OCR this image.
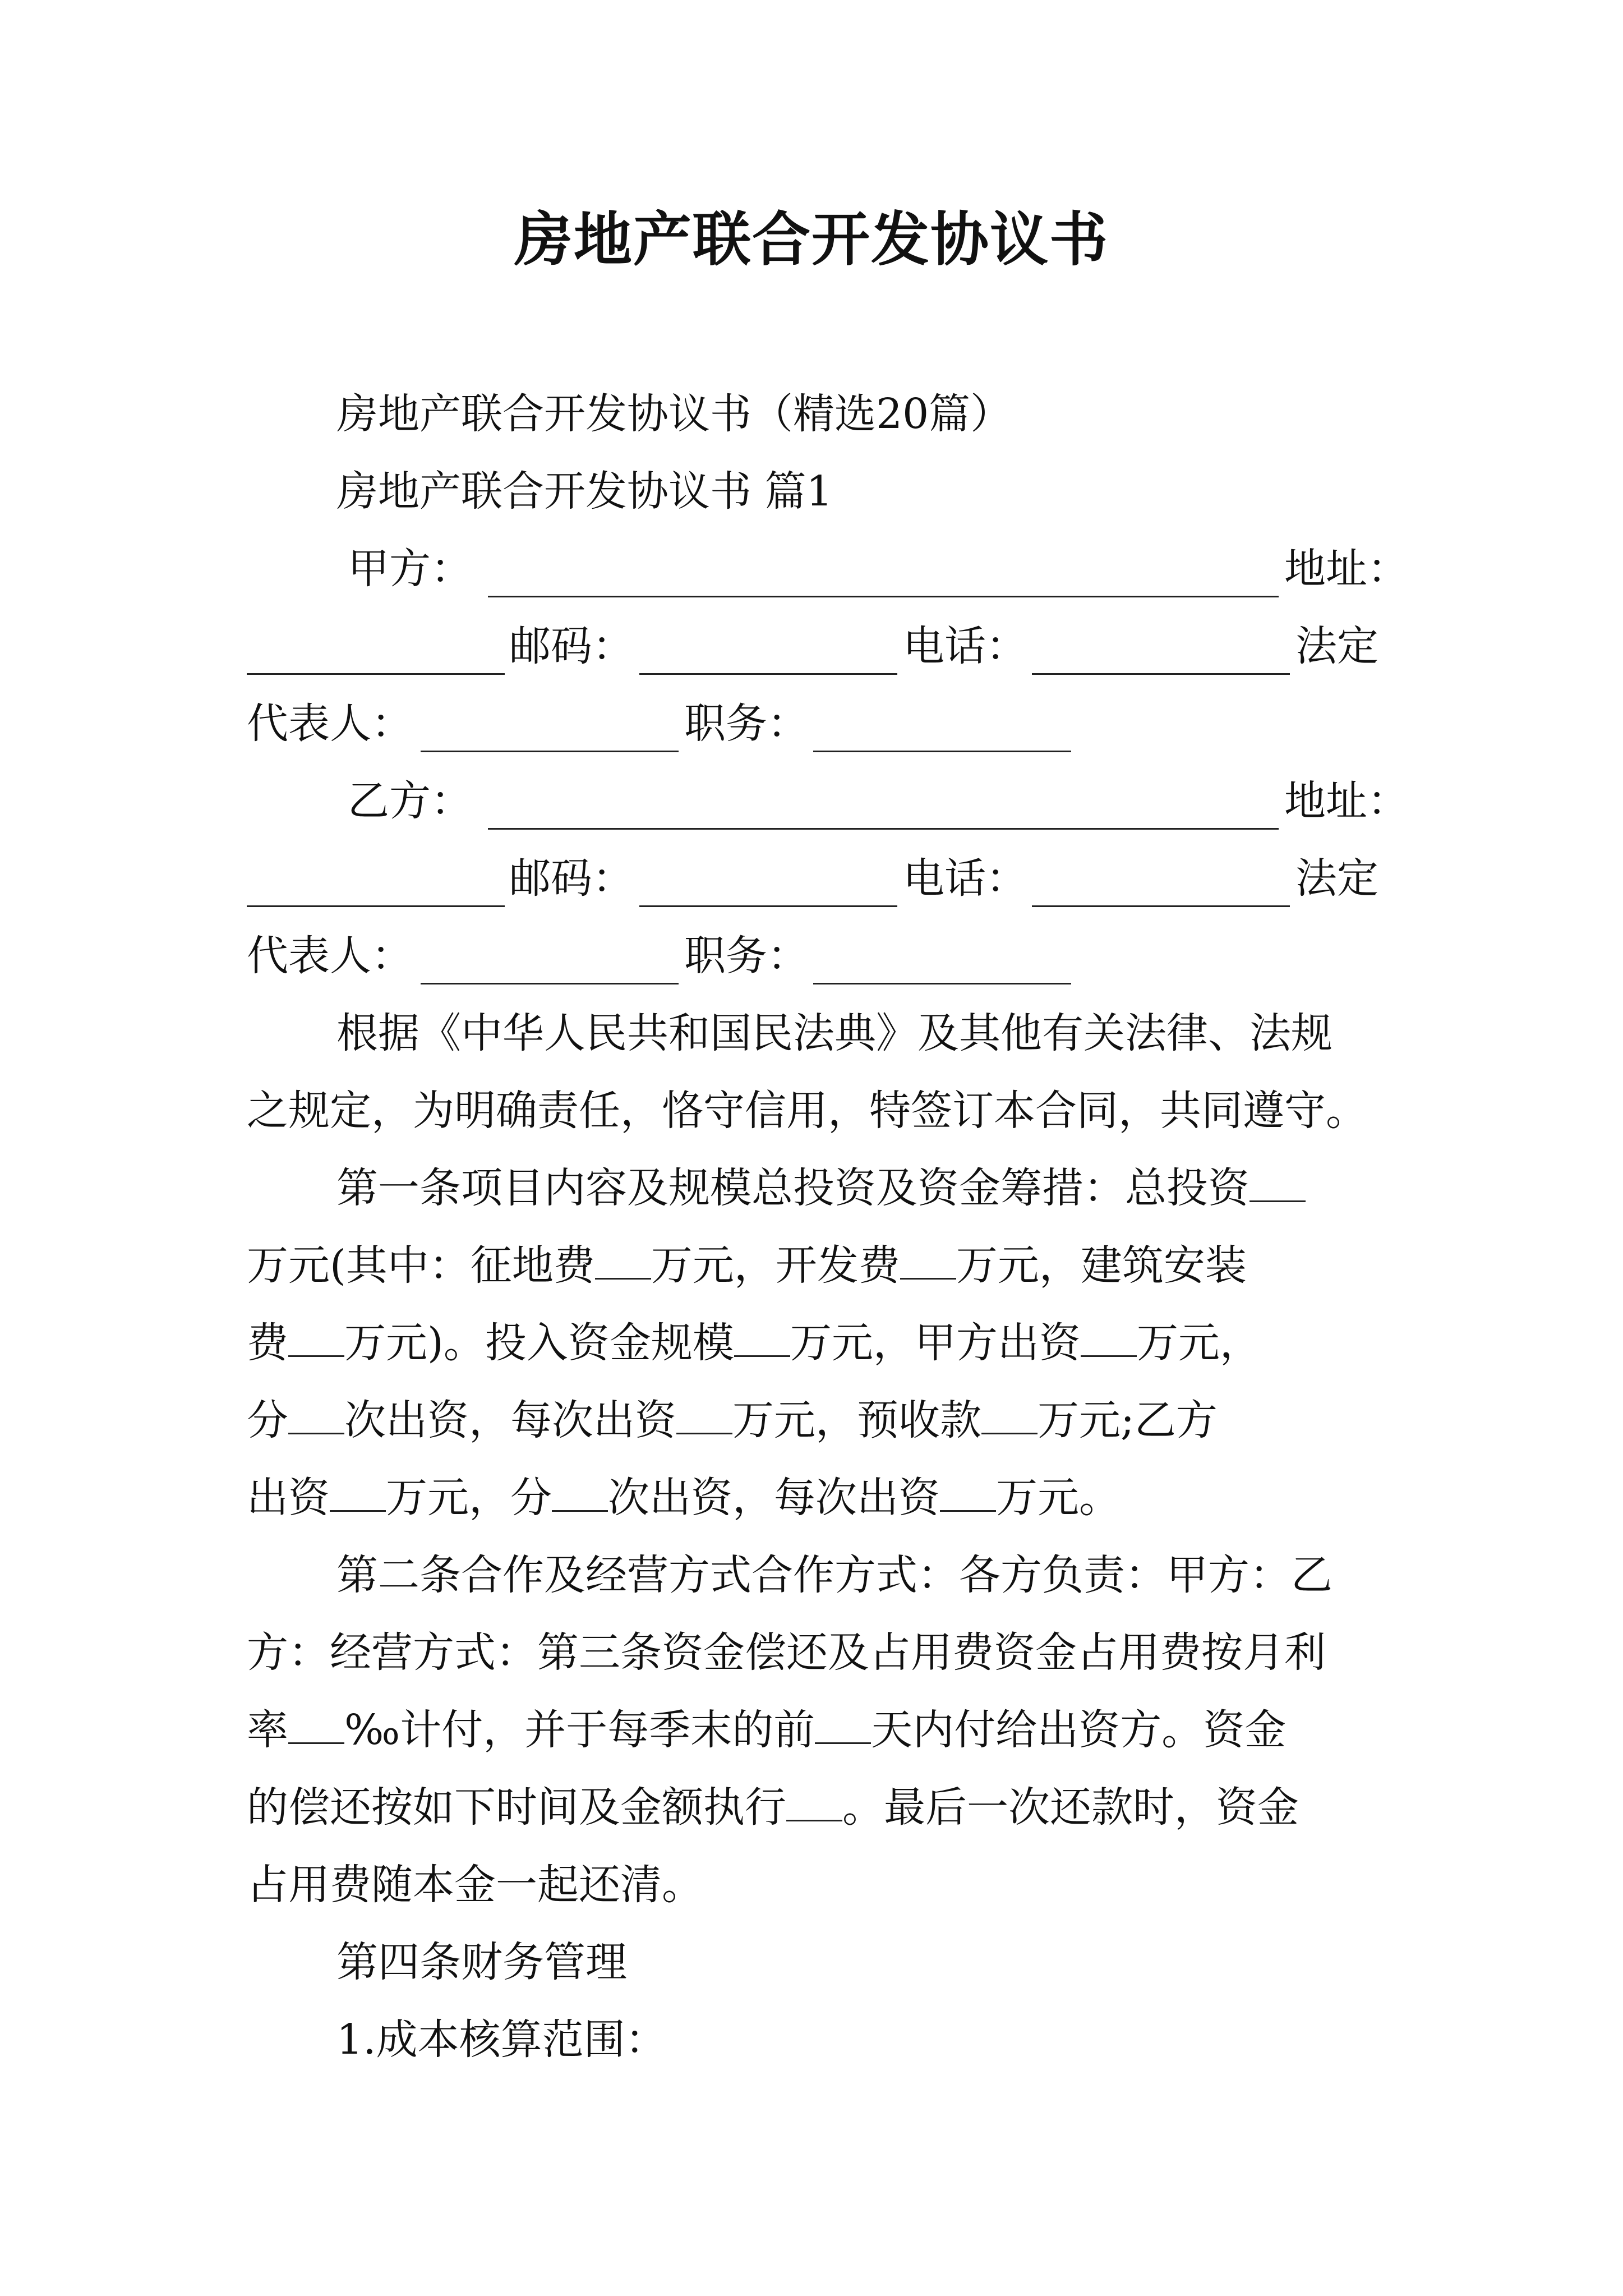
房地产联合开发协议书

房地产联合开发协议书（精选20篇）

房地产联合开发协议书 篇1

甲方：	地址：

邮码：	电话：	法定

代表人：	职务：

乙方：	地址：

邮码：	电话：	法定

代表人：	职务：

根据《中华人民共和国民法典》及其他有关法律、法规

之规定，为明确责任，恪守信用，特签订本合同，共同遵守。

第一条项目内容及规模总投资及资金筹措：总投资

万元(其中：征地费 万元，开发费 万元，建筑安装

费 万元)。投入资金规模 万元，甲方出资 万元，

分 次出资，每次出资 万元，预收款 万元;乙方

出资 万元，分 次出资，每次出资 万元。

第二条合作及经营方式合作方式：各方负责：甲方：乙

方：经营方式：第三条资金偿还及占用费资金占用费按月利

率 ‰计付，并于每季末的前 天内付给出资方。资金

的偿还按如下时间及金额执行 。最后一次还款时，资金

占用费随本金一起还清。

第四条财务管理

1.成本核算范围：
